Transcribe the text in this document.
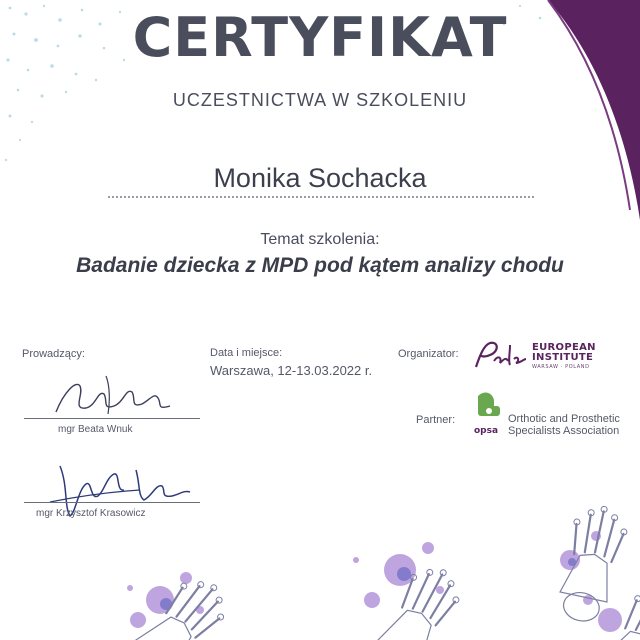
CERTYFIKAT
UCZESTNICTWA W SZKOLENIU
Monika Sochacka
Temat szkolenia:
Badanie dziecka z MPD pod kątem analizy chodu
Prowadzący:	Data i miejsce:
Warszawa, 12-13.03.2022 r.
Organizator:
Partner:
mgr Beata Wnuk
mgr Krzysztof Krasowicz
EUROPEAN
INSTITUTE
WARSAW · POLAND
opsa
Orthotic and Prosthetic
Specialists Association
